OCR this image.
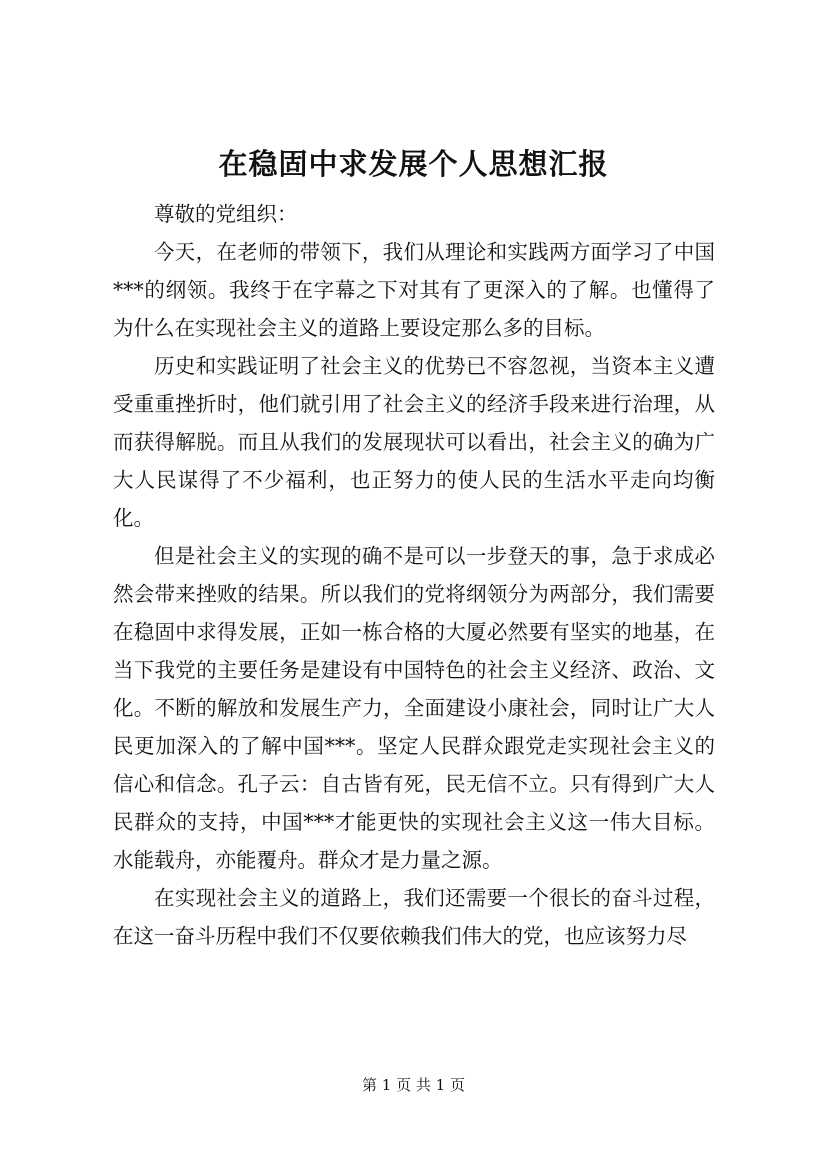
在稳固中求发展个人思想汇报

尊敬的党组织：

今天，在老师的带领下，我们从理论和实践两方面学习了中国***的纲领。我终于在字幕之下对其有了更深入的了解。也懂得了为什么在实现社会主义的道路上要设定那么多的目标。

历史和实践证明了社会主义的优势已不容忽视，当资本主义遭受重重挫折时，他们就引用了社会主义的经济手段来进行治理，从而获得解脱。而且从我们的发展现状可以看出，社会主义的确为广大人民谋得了不少福利，也正努力的使人民的生活水平走向均衡化。

但是社会主义的实现的确不是可以一步登天的事，急于求成必然会带来挫败的结果。所以我们的党将纲领分为两部分，我们需要在稳固中求得发展，正如一栋合格的大厦必然要有坚实的地基，在当下我党的主要任务是建设有中国特色的社会主义经济、政治、文化。不断的解放和发展生产力，全面建设小康社会，同时让广大人民更加深入的了解中国***。坚定人民群众跟党走实现社会主义的信心和信念。孔子云：自古皆有死，民无信不立。只有得到广大人民群众的支持，中国***才能更快的实现社会主义这一伟大目标。水能载舟，亦能覆舟。群众才是力量之源。

在实现社会主义的道路上，我们还需要一个很长的奋斗过程，在这一奋斗历程中我们不仅要依赖我们伟大的党，也应该努力尽

第 1 页 共 1 页
